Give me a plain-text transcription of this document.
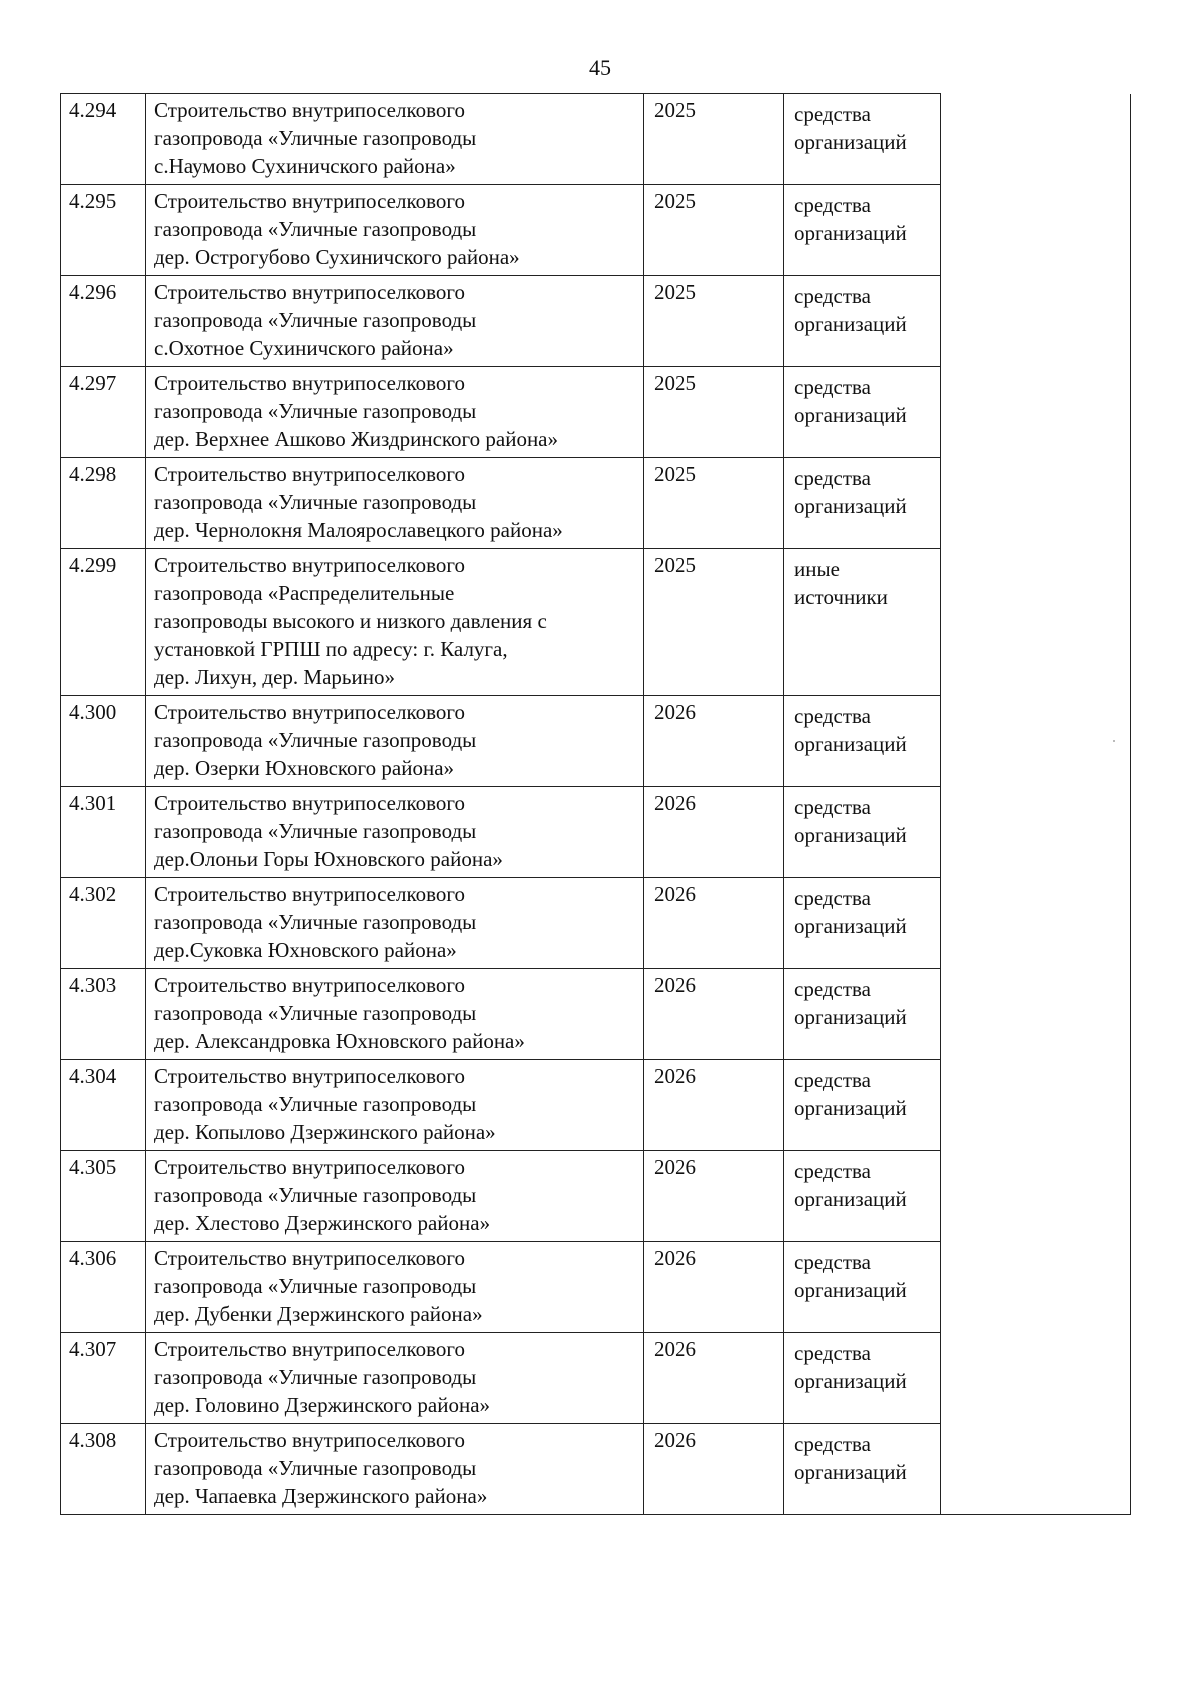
45
4.294	Строительство внутрипоселкового
газопровода «Уличные газопроводы
с.Наумово Сухиничского района»	2025	средства
организаций	

4.295	Строительство внутрипоселкового
газопровода «Уличные газопроводы
дер. Острогубово Сухиничского района»	2025	средства
организаций	

4.296	Строительство внутрипоселкового
газопровода «Уличные газопроводы
с.Охотное Сухиничского района»	2025	средства
организаций	

4.297	Строительство внутрипоселкового
газопровода «Уличные газопроводы
дер. Верхнее Ашково Жиздринского района»	2025	средства
организаций	

4.298	Строительство внутрипоселкового
газопровода «Уличные газопроводы
дер. Чернолокня Малоярославецкого района»	2025	средства
организаций	

4.299	Строительство внутрипоселкового
газопровода «Распределительные
газопроводы высокого и низкого давления с
установкой ГРПШ по адресу: г. Калуга,
дер. Лихун, дер. Марьино»	2025	иные
источники	

4.300	Строительство внутрипоселкового
газопровода «Уличные газопроводы
дер. Озерки Юхновского района»	2026	средства
организаций	

4.301	Строительство внутрипоселкового
газопровода «Уличные газопроводы
дер.Олоньи Горы Юхновского района»	2026	средства
организаций	

4.302	Строительство внутрипоселкового
газопровода «Уличные газопроводы
дер.Суковка Юхновского района»	2026	средства
организаций	

4.303	Строительство внутрипоселкового
газопровода «Уличные газопроводы
дер. Александровка Юхновского района»	2026	средства
организаций	

4.304	Строительство внутрипоселкового
газопровода «Уличные газопроводы
дер. Копылово Дзержинского района»	2026	средства
организаций	

4.305	Строительство внутрипоселкового
газопровода «Уличные газопроводы
дер. Хлестово Дзержинского района»	2026	средства
организаций	

4.306	Строительство внутрипоселкового
газопровода «Уличные газопроводы
дер. Дубенки Дзержинского района»	2026	средства
организаций	

4.307	Строительство внутрипоселкового
газопровода «Уличные газопроводы
дер. Головино Дзержинского района»	2026	средства
организаций	

4.308	Строительство внутрипоселкового
газопровода «Уличные газопроводы
дер. Чапаевка Дзержинского района»	2026	средства
организаций	
